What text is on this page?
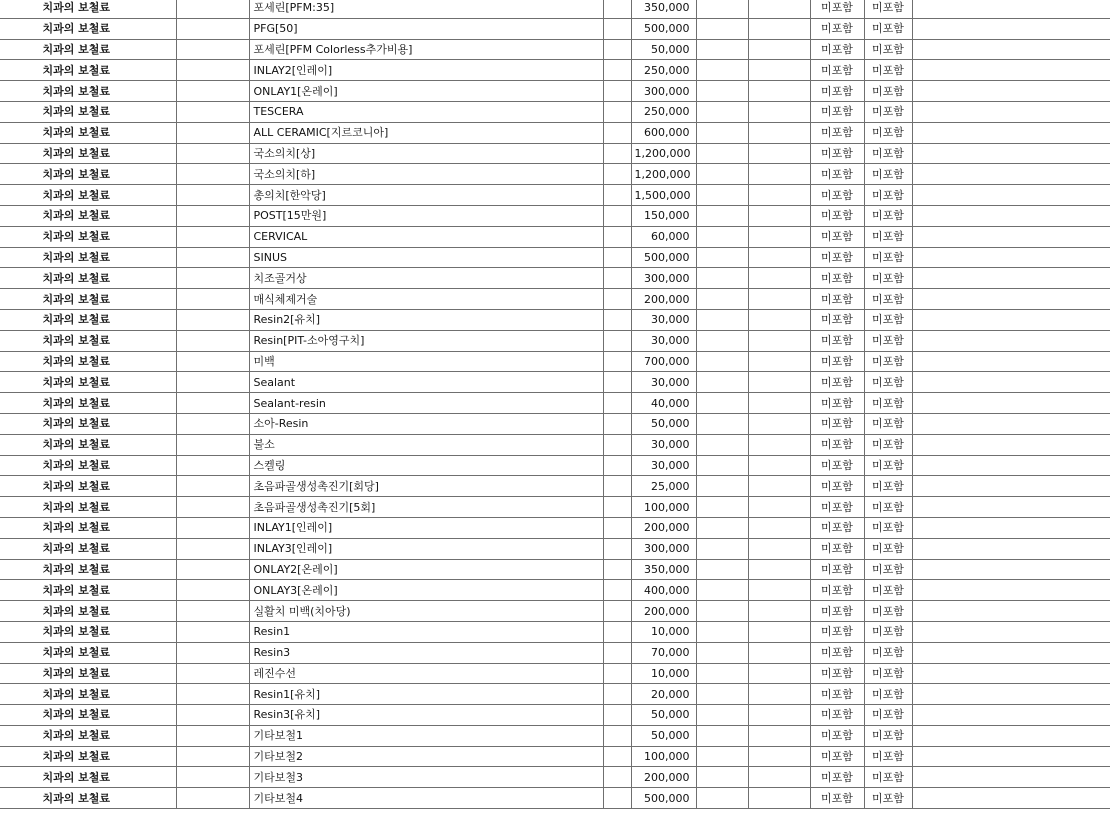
치과의 보철료		포세린[PFM:35]		350,000			미포함	미포함	
치과의 보철료		PFG[50]		500,000			미포함	미포함	
치과의 보철료		포세린[PFM Colorless추가비용]		50,000			미포함	미포함	
치과의 보철료		INLAY2[인레이]		250,000			미포함	미포함	
치과의 보철료		ONLAY1[온레이]		300,000			미포함	미포함	
치과의 보철료		TESCERA		250,000			미포함	미포함	
치과의 보철료		ALL CERAMIC[지르코니아]		600,000			미포함	미포함	
치과의 보철료		국소의치[상]		1,200,000			미포함	미포함	
치과의 보철료		국소의치[하]		1,200,000			미포함	미포함	
치과의 보철료		총의치[한악당]		1,500,000			미포함	미포함	
치과의 보철료		POST[15만원]		150,000			미포함	미포함	
치과의 보철료		CERVICAL		60,000			미포함	미포함	
치과의 보철료		SINUS		500,000			미포함	미포함	
치과의 보철료		치조골거상		300,000			미포함	미포함	
치과의 보철료		매식체제거술		200,000			미포함	미포함	
치과의 보철료		Resin2[유치]		30,000			미포함	미포함	
치과의 보철료		Resin[PIT-소아영구치]		30,000			미포함	미포함	
치과의 보철료		미백		700,000			미포함	미포함	
치과의 보철료		Sealant		30,000			미포함	미포함	
치과의 보철료		Sealant-resin		40,000			미포함	미포함	
치과의 보철료		소아-Resin		50,000			미포함	미포함	
치과의 보철료		불소		30,000			미포함	미포함	
치과의 보철료		스켈링		30,000			미포함	미포함	
치과의 보철료		초음파골생성촉진기[회당]		25,000			미포함	미포함	
치과의 보철료		초음파골생성촉진기[5회]		100,000			미포함	미포함	
치과의 보철료		INLAY1[인레이]		200,000			미포함	미포함	
치과의 보철료		INLAY3[인레이]		300,000			미포함	미포함	
치과의 보철료		ONLAY2[온레이]		350,000			미포함	미포함	
치과의 보철료		ONLAY3[온레이]		400,000			미포함	미포함	
치과의 보철료		실활치 미백(치아당)		200,000			미포함	미포함	
치과의 보철료		Resin1		10,000			미포함	미포함	
치과의 보철료		Resin3		70,000			미포함	미포함	
치과의 보철료		레진수선		10,000			미포함	미포함	
치과의 보철료		Resin1[유치]		20,000			미포함	미포함	
치과의 보철료		Resin3[유치]		50,000			미포함	미포함	
치과의 보철료		기타보철1		50,000			미포함	미포함	
치과의 보철료		기타보철2		100,000			미포함	미포함	
치과의 보철료		기타보철3		200,000			미포함	미포함	
치과의 보철료		기타보철4		500,000			미포함	미포함	
